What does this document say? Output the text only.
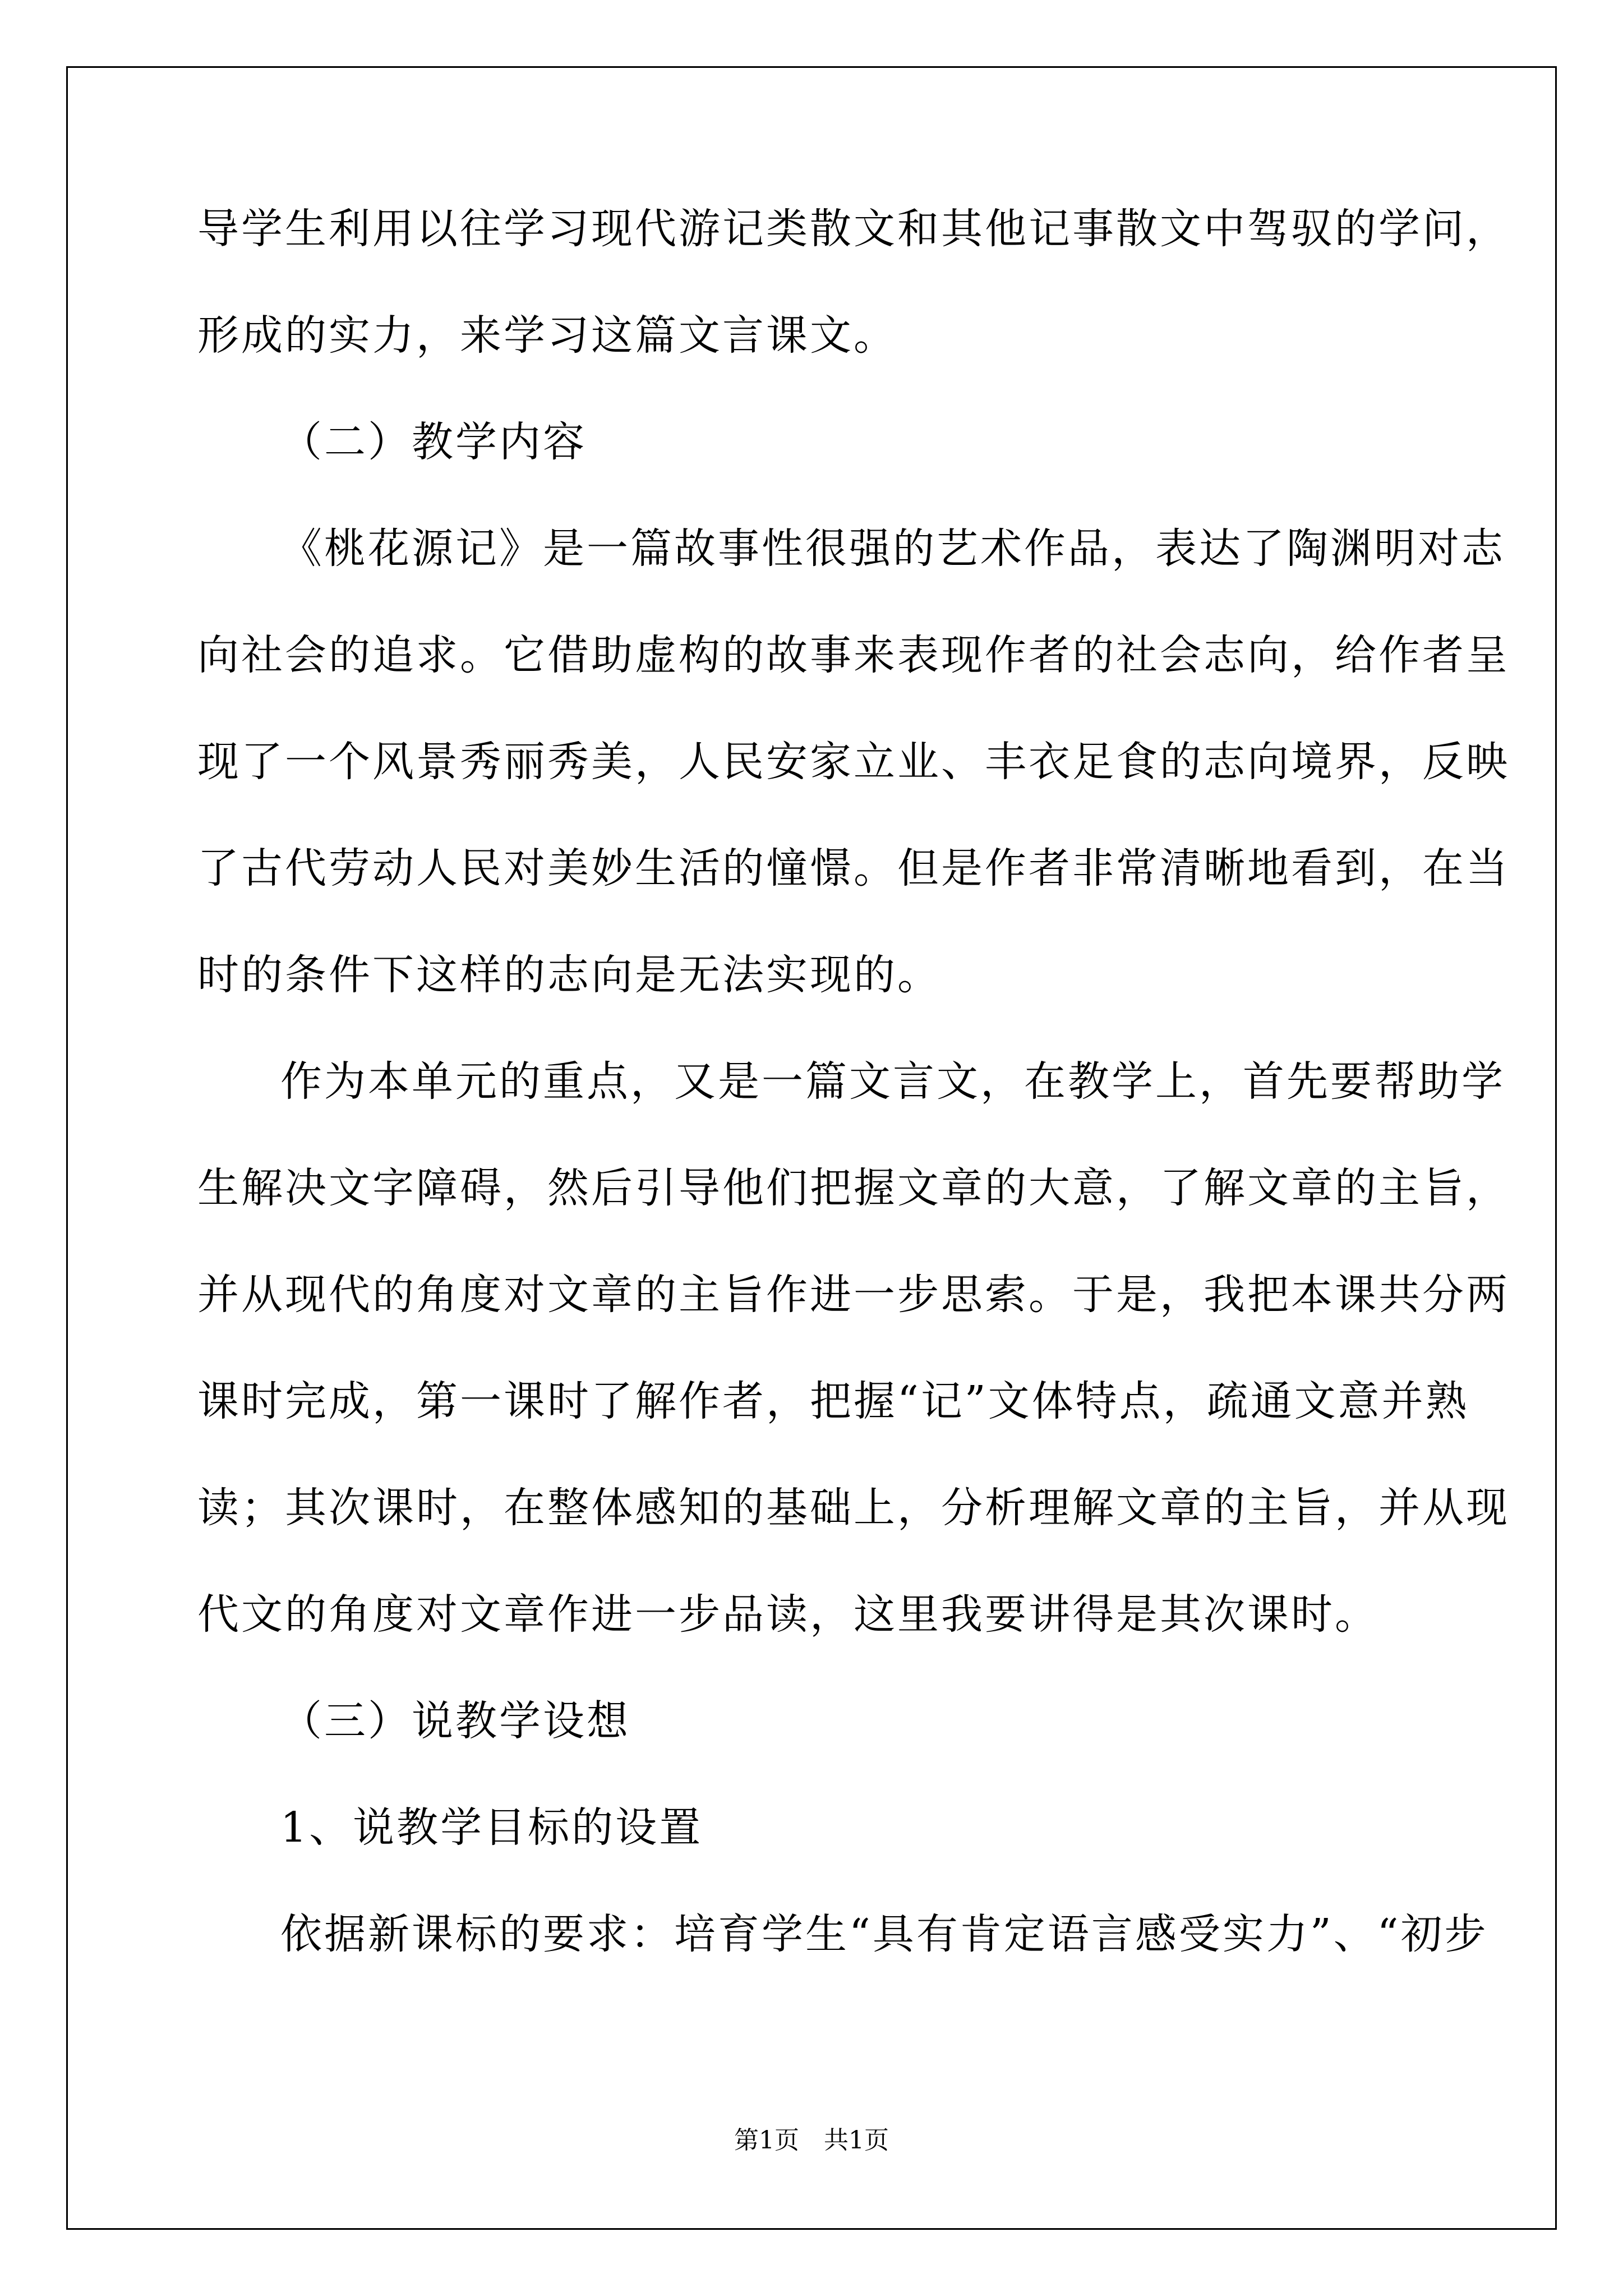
导学生利用以往学习现代游记类散文和其他记事散文中驾驭的学问，
形成的实力，来学习这篇文言课文。
（二）教学内容
《桃花源记》是一篇故事性很强的艺术作品，表达了陶渊明对志
向社会的追求。它借助虚构的故事来表现作者的社会志向，给作者呈
现了一个风景秀丽秀美，人民安家立业、丰衣足食的志向境界，反映
了古代劳动人民对美妙生活的憧憬。但是作者非常清晰地看到，在当
时的条件下这样的志向是无法实现的。
作为本单元的重点，又是一篇文言文，在教学上，首先要帮助学
生解决文字障碍，然后引导他们把握文章的大意，了解文章的主旨，
并从现代的角度对文章的主旨作进一步思索。于是，我把本课共分两
课时完成，第一课时了解作者，把握“记”文体特点，疏通文意并熟
读；其次课时，在整体感知的基础上，分析理解文章的主旨，并从现
代文的角度对文章作进一步品读，这里我要讲得是其次课时。
（三）说教学设想
1、说教学目标的设置
依据新课标的要求：培育学生“具有肯定语言感受实力”、“初步
第1页　共1页
